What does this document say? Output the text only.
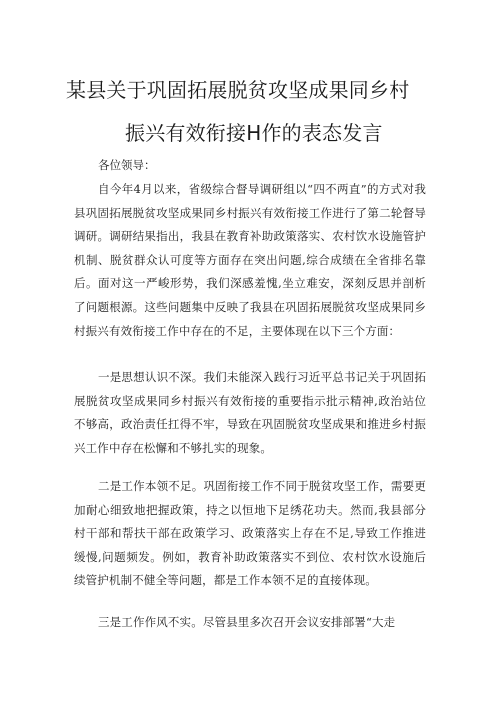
某县关于巩固拓展脱贫攻坚成果同乡村
振兴有效衔接H作的表态发言
各位领导：

自今年4月以来，省级综合督导调研组以“四不两直”的方式对我县巩固拓展脱贫攻坚成果同乡村振兴有效衔接工作进行了第二轮督导调研。调研结果指出，我县在教育补助政策落实、农村饮水设施管护机制、脱贫群众认可度等方面存在突出问题,综合成绩在全省排名靠后。面对这一严峻形势，我们深感羞愧,坐立难安，深刻反思并剖析了问题根源。这些问题集中反映了我县在巩固拓展脱贫攻坚成果同乡村振兴有效衔接工作中存在的不足，主要体现在以下三个方面：

一是思想认识不深。我们未能深入践行习近平总书记关于巩固拓展脱贫攻坚成果同乡村振兴有效衔接的重要指示批示精神,政治站位不够高，政治责任扛得不牢，导致在巩固脱贫攻坚成果和推进乡村振兴工作中存在松懈和不够扎实的现象。

二是工作本领不足。巩固衔接工作不同于脱贫攻坚工作，需要更加耐心细致地把握政策，持之以恒地下足绣花功夫。然而,我县部分村干部和帮扶干部在政策学习、政策落实上存在不足,导致工作推进缓慢,问题频发。例如，教育补助政策落实不到位、农村饮水设施后续管护机制不健全等问题，都是工作本领不足的直接体现。

三是工作作风不实。尽管县里多次召开会议安排部署“大走
